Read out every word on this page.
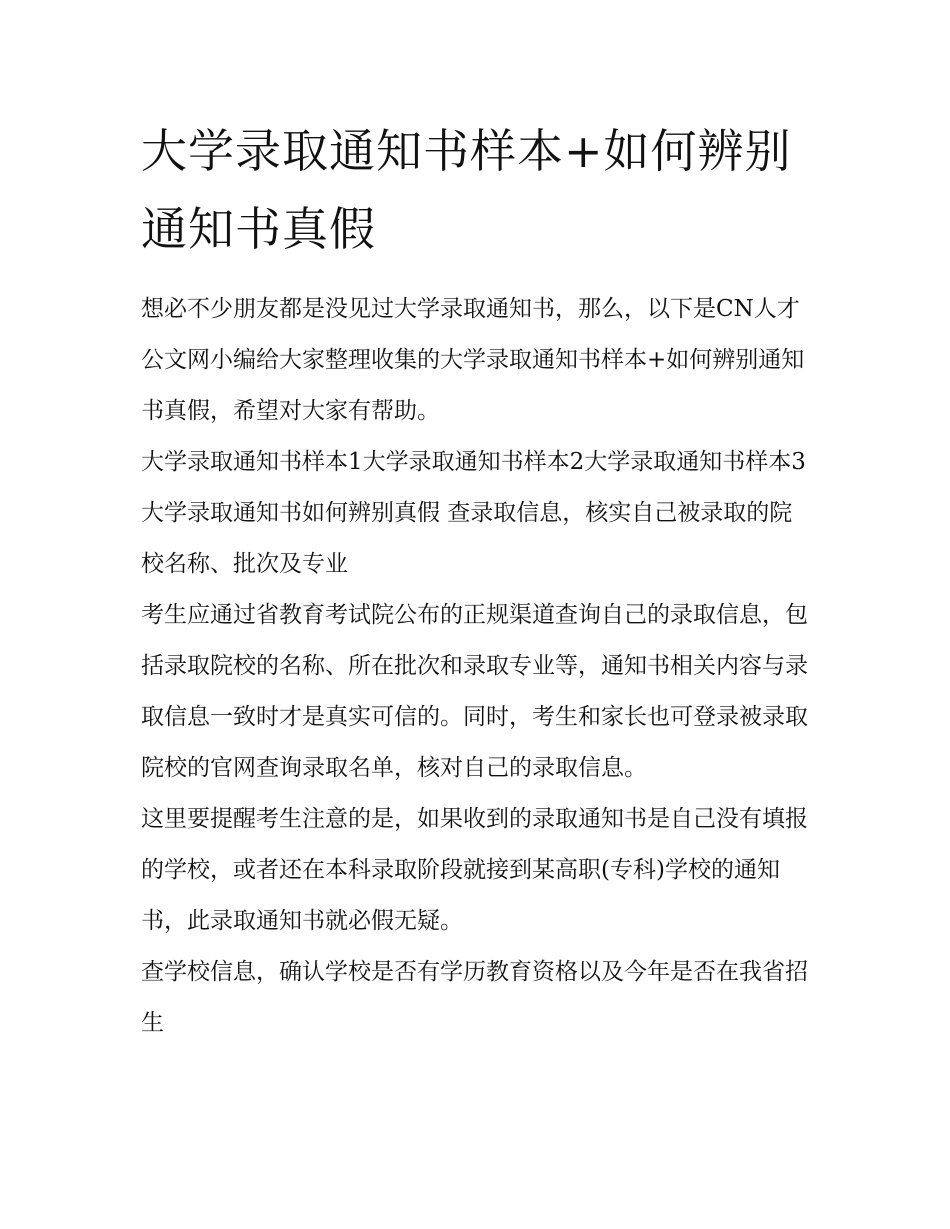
大学录取通知书样本+如何辨别通知书真假

想必不少朋友都是没见过大学录取通知书，那么，以下是CN人才公文网小编给大家整理收集的大学录取通知书样本+如何辨别通知书真假，希望对大家有帮助。

大学录取通知书样本1大学录取通知书样本2大学录取通知书样本3大学录取通知书如何辨别真假 查录取信息，核实自己被录取的院校名称、批次及专业

考生应通过省教育考试院公布的正规渠道查询自己的录取信息，包括录取院校的名称、所在批次和录取专业等，通知书相关内容与录取信息一致时才是真实可信的。同时，考生和家长也可登录被录取院校的官网查询录取名单，核对自己的录取信息。

这里要提醒考生注意的是，如果收到的录取通知书是自己没有填报的学校，或者还在本科录取阶段就接到某高职(专科)学校的通知书，此录取通知书就必假无疑。

查学校信息，确认学校是否有学历教育资格以及今年是否在我省招生
